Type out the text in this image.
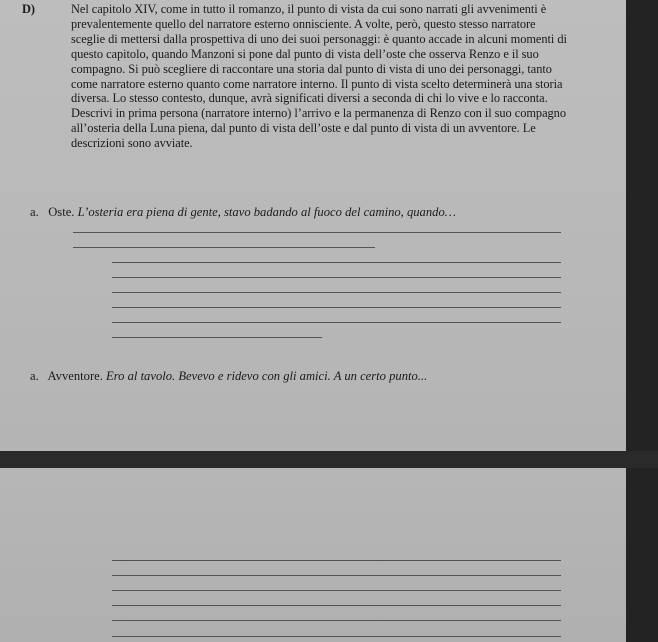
D)	Nel capitolo XIV, come in tutto il romanzo, il punto di vista da cui sono narrati gli avvenimenti è prevalentemente quello del narratore esterno onnisciente. A volte, però, questo stesso narratore sceglie di mettersi dalla prospettiva di uno dei suoi personaggi: è quanto accade in alcuni momenti di questo capitolo, quando Manzoni si pone dal punto di vista dell’oste che osserva Renzo e il suo compagno. Si può scegliere di raccontare una storia dal punto di vista di uno dei personaggi, tanto come narratore esterno quanto come narratore interno. Il punto di vista scelto determinerà una storia diversa. Lo stesso contesto, dunque, avrà significati diversi a seconda di chi lo vive e lo racconta. Descrivi in prima persona (narratore interno) l’arrivo e la permanenza di Renzo con il suo compagno all’osteria della Luna piena, dal punto di vista dell’oste e dal punto di vista di un avventore. Le descrizioni sono avviate.
a. Oste. L’osteria era piena di gente, stavo badando al fuoco del camino, quando…
a. Avventore. Ero al tavolo. Bevevo e ridevo con gli amici. A un certo punto...
